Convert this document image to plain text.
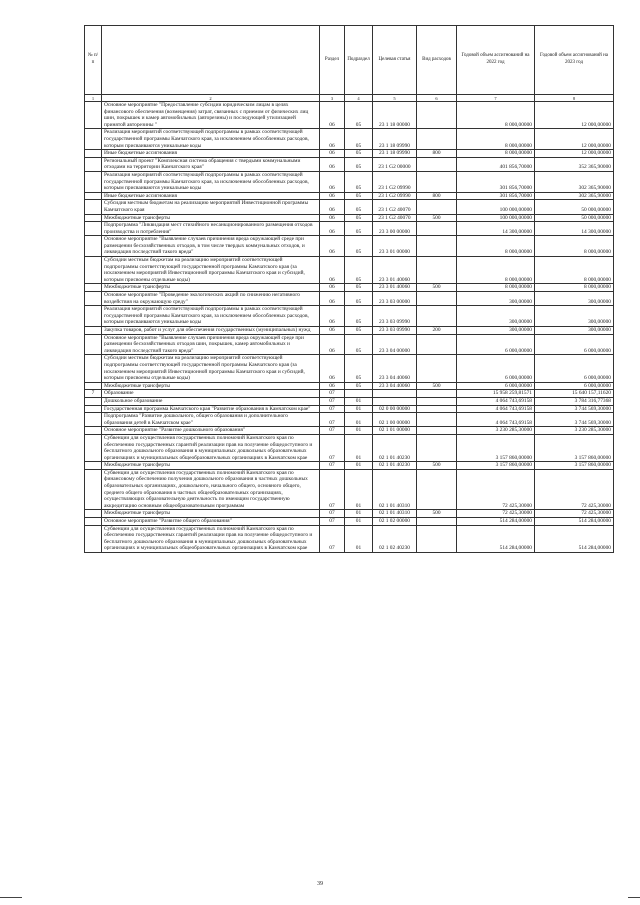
№ п/п		Раздел	Подраздел	Целевая статья	Вид расходов	Годовой объем ассигнований на 2022 год	Годовой объем ассигнований на 2023 год
1	2	3	4	5	6	7	8
	Основное мероприятие "Предоставление субсидии юридическим лицам в целях финансового обеспечения (возмещения) затрат, связанных с приемом от физических лиц шин, покрышек и камер автомобильных (авторезины) и последующей утилизацией принятой авторезины "	06	05	23 1 18 00000		8 000,00000	12 000,00000
	Реализация мероприятий соответствующей подпрограммы в рамках соответствующей государственной программы Камчатского края, за исключением обособленных расходов, которым присваиваются уникальные коды	06	05	23 1 18 09990		8 000,00000	12 000,00000
	Иные бюджетные ассигнования	06	05	23 1 18 09990	800	8 000,00000	12 000,00000
	Региональный проект "Комплексная система обращения с твердыми коммунальными отходами на территории Камчатского края"	06	05	23 1 G2 00000		401 856,70000	352 365,90000
	Реализация мероприятий соответствующей подпрограммы в рамках соответствующей государственной программы Камчатского края, за исключением обособленных расходов, которым присваиваются уникальные коды	06	05	23 1 G2 09990		301 856,70000	302 365,90000
	Иные бюджетные ассигнования	06	05	23 1 G2 09990	800	301 856,70000	302 365,90000
	Субсидия местным бюджетам на реализацию мероприятий Инвестиционной программы Камчатского края	06	05	23 1 G2 40070		100 000,00000	50 000,00000
	Межбюджетные трансферты	06	05	23 1 G2 40070	500	100 000,00000	50 000,00000
	Подпрограмма "Ликвидация мест стихийного несанкционированного размещения отходов производства и потребления"	06	05	23 3 00 00000		14 300,00000	14 300,00000
	Основное мероприятие "Выявление случаев причинения вреда окружающей среде при размещении бесхозяйственных отходов, в том числе твердых коммунальных отходов, и ликвидация последствий такого вреда"	06	05	23 3 01 00000		8 000,00000	8 000,00000
	Субсидии местным бюджетам на реализацию мероприятий соответствующей подпрограммы соответствующей государственной программы Камчатского края (за исключением мероприятий Инвестиционной программы Камчатского края и субсидий, которым присвоены отдельные коды)	06	05	23 3 01 40060		8 000,00000	8 000,00000
	Межбюджетные трансферты	06	05	23 3 01 40060	500	8 000,00000	8 000,00000
	Основное мероприятие "Проведение экологических акций по снижению негативного воздействия на окружающую среду"	06	05	23 3 03 00000		300,00000	300,00000
	Реализация мероприятий соответствующей подпрограммы в рамках соответствующей государственной программы Камчатского края, за исключением обособленных расходов, которым присваиваются уникальные коды	06	05	23 3 03 09990		300,00000	300,00000
	Закупка товаров, работ и услуг для обеспечения государственных (муниципальных) нужд	06	05	23 3 03 09990	200	300,00000	300,00000
	Основное мероприятие "Выявление случаев причинения вреда окружающей среде при размещении бесхозяйственных отходов шин, покрышек, камер автомобильных и ликвидация последствий такого вреда"	06	05	23 3 04 00000		6 000,00000	6 000,00000
	Субсидии местным бюджетам на реализацию мероприятий соответствующей подпрограммы соответствующей государственной программы Камчатского края (за исключением мероприятий Инвестиционной программы Камчатского края и субсидий, которым присвоены отдельные коды)	06	05	23 3 04 40060		6 000,00000	6 000,00000
	Межбюджетные трансферты	06	05	23 3 04 40060	500	6 000,00000	6 000,00000
7	Образование	07				15 958 259,81571	15 640 157,11620
	Дошкольное образование	07	01			4 064 743,69158	3 784 316,77368
	Государственная программа Камчатского края "Развитие образования в Камчатском крае"	07	01	02 0 00 00000		4 064 743,69158	3 744 569,30000
	Подпрограмма "Развитие дошкольного, общего образования и дополнительного образования детей в Камчатском крае"	07	01	02 1 00 00000		4 064 743,69158	3 744 569,30000
	Основное мероприятие "Развитие дошкольного образования"	07	01	02 1 01 00000		3 230 285,30000	3 230 285,30000
	Субвенции для осуществления государственных полномочий Камчатского края по обеспечению государственных гарантий реализации прав на получение общедоступного и бесплатного дошкольного образования в муниципальных дошкольных образовательных организациях и муниципальных общеобразовательных организациях в Камчатском крае	07	01	02 1 01 40230		3 157 860,00000	3 157 860,00000
	Межбюджетные трансферты	07	01	02 1 01 40230	500	3 157 860,00000	3 157 860,00000
	Субвенции для осуществления государственных полномочий Камчатского края по финансовому обеспечению получения дошкольного образования в частных дошкольных образовательных организациях, дошкольного, начального общего, основного общего, среднего общего образования в частных общеобразовательных организациях, осуществляющих образовательную деятельность по имеющим государственную аккредитацию основным общеобразовательным программам	07	01	02 1 01 40310		72 425,30000	72 425,30000
	Межбюджетные трансферты	07	01	02 1 01 40310	500	72 425,30000	72 425,30000
	Основное мероприятие "Развитие общего образования"	07	01	02 1 02 00000		514 284,00000	514 284,00000
	Субвенции для осуществления государственных полномочий Камчатского края по обеспечению государственных гарантий реализации прав на получение общедоступного и бесплатного дошкольного образования в муниципальных дошкольных образовательных организациях и муниципальных общеобразовательных организациях в Камчатском крае	07	01	02 1 02 40230		514 284,00000	514 284,00000
39
